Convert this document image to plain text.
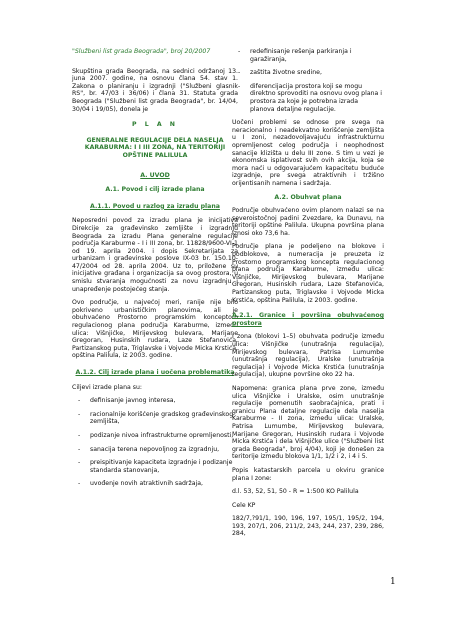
"Službeni list grada Beograda", broj 20/2007

Skupština grada Beograda, na sednici održanoj 13. juna 2007. godine, na osnovu člana 54. stav 1. Zakona o planiranju i izgradnji ("Službeni glasnik RS", br. 47/03 i 36/06) i člana 31. Statuta grada Beograda ("Službeni list grada Beograda", br. 14/04, 30/04 i 19/05), donela je

P L A N

GENERALNE REGULACIJE DELA NASELJA KARABURMA: I I III ZONA, NA TERITORIJI OPŠTINE PALILULA

A. UVOD

A.1. Povod i cilj izrade plana

A.1.1. Povod u razlog za izradu plana

Neposredni povod za izradu plana je inicijativa Direkcije za građevinsko zemljište i izgradnju Beograda za izradu Plana generalne regulacije područja Karaburme - I i III zona, br. 11828/9600-VI-1 od 19. aprila 2004. i dopis Sekretarijata za urbanizam i građevinske poslove IX-03 br. 150.10-47/2004 od 28. aprila 2004. Uz to, priložene su inicijative građana i organizacija sa ovog prostora, u smislu stvaranja mogućnosti za novu izgradnju i unapređenje postojećeg stanja.

Ovo područje, u najvećoj meri, ranije nije bilo pokriveno urbanističkim planovima, ali je obuhvaćeno Prostorno programskim konceptom regulacionog plana područja Karaburme, između ulica: Višnjićke, Mirijevskog bulevara, Marijane Gregoran, Husinskih rudara, Laze Stefanovića, Partizanskog puta, Triglavske i Vojvode Micka Krstića, opština Palilula, iz 2003. godine.

A.1.2. Cilj izrade plana i uočena problematika

Ciljevi izrade plana su:

- definisanje javnog interesa,
- racionalnije korišćenje gradskog građevinskog zemljišta,
- podizanje nivoa infrastrukturne opremljenosti,
- sanacija terena nepovoljnog za izgradnju,
- preispitivanje kapaciteta izgradnje i podizanje standarda stanovanja,
- uvođenje novih atraktivnih sadržaja,
- redefinisanje rešenja parkiranja i garažiranja,
- zaštita životne sredine,
- diferencijacija prostora koji se mogu direktno sprovoditi na osnovu ovog plana i prostora za koje je potrebna izrada planova detaljne regulacije.

Uočeni problemi se odnose pre svega na neracionalno i neadekvatno korišćenje zemljišta u I zoni, nezadovoljavajuću infrastrukturnu opremljenost celog područja i neophodnost sanacije klizišta u delu III zone. S tim u vezi je ekonomska isplativost svih ovih akcija, koja se mora naći u odgovarajućem kapacitetu buduće izgradnje, pre svega atraktivnih i tržišno orijentisanih namena i sadržaja.

A.2. Obuhvat plana

Područje obuhvaćeno ovim planom nalazi se na severoistočnoj padini Zvezdare, ka Dunavu, na teritoriji opštine Palilula. Ukupna površina plana iznosi oko 73,6 ha.

Područje plana je podeljeno na blokove i podblokove, a numeracija je preuzeta iz Prostorno programskog koncepta regulacionog plana područja Karaburme, između ulica: Višnjičke, Mirijevskog bulevara, Marijane Gregoran, Husinskih rudara, Laze Stefanovića, Partizanskog puta, Triglavske i Vojvode Micka Krstića, opština Palilula, iz 2003. godine.

A.2.1. Granice i površina obuhvaćenog prostora

I zona (blokovi 1–5) obuhvata područje između ulica: Višnjičke (unutrašnja regulacija), Mirijevskog bulevara, Patrisa Lumumbe (unutrašnja regulacija), Uralske (unutrašnja regulacija) i Vojvode Micka Krstića (unutrašnja regulacija), ukupne površine oko 22 ha.

Napomena: granica plana prve zone, između ulica Višnjičke i Uralske, osim unutrašnje regulacije pomenutih saobraćajnica, prati i granicu Plana detaljne regulacije dela naselja Karaburme - II zona, između ulica: Uralske, Patrisa Lumumbe, Mirijevskog bulevara, Marijane Gregoran, Husinskih rudara i Vojvode Micka Krstića i dela Višnjičke ulice ("Službeni list grada Beograda", broj 4/04), koji je donešen za teritorije između blokova 1/1, 1/2 i 2, i 4 i 5.

Popis katastarskih parcela u okviru granice plana I zone:

d.l. 53, 52, 51, 50 - R = 1:500 KO Palilula

Cele KP

182/7,?91/1, 190, 196, 197, 195/1, 195/2, 194, 193, 207/1, 206, 211/2, 243, 244, 237, 239, 286, 284,

1
